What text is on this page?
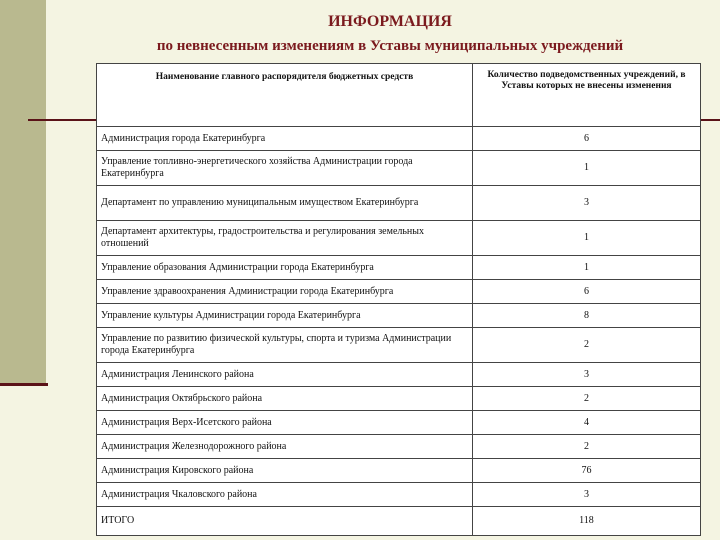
ИНФОРМАЦИЯ
по невнесенным изменениям в Уставы муниципальных учреждений
Наименование главного распорядителя бюджетных средств	Количество подведомственных учреждений, в Уставы которых не внесены изменения
Администрация города Екатеринбурга	6
Управление топливно-энергетического хозяйства Администрации города Екатеринбурга	1
Департамент по управлению муниципальным имуществом Екатеринбурга	3
Департамент архитектуры, градостроительства и регулирования земельных отношений	1
Управление образования Администрации города Екатеринбурга	1
Управление здравоохранения Администрации города Екатеринбурга	6
Управление культуры Администрации города Екатеринбурга	8
Управление по развитию физической культуры, спорта и туризма Администрации города Екатеринбурга	2
Администрация Ленинского района	3
Администрация Октябрьского района	2
Администрация Верх-Исетского района	4
Администрация Железнодорожного района	2
Администрация Кировского района	76
Администрация Чкаловского района	3
ИТОГО	118
